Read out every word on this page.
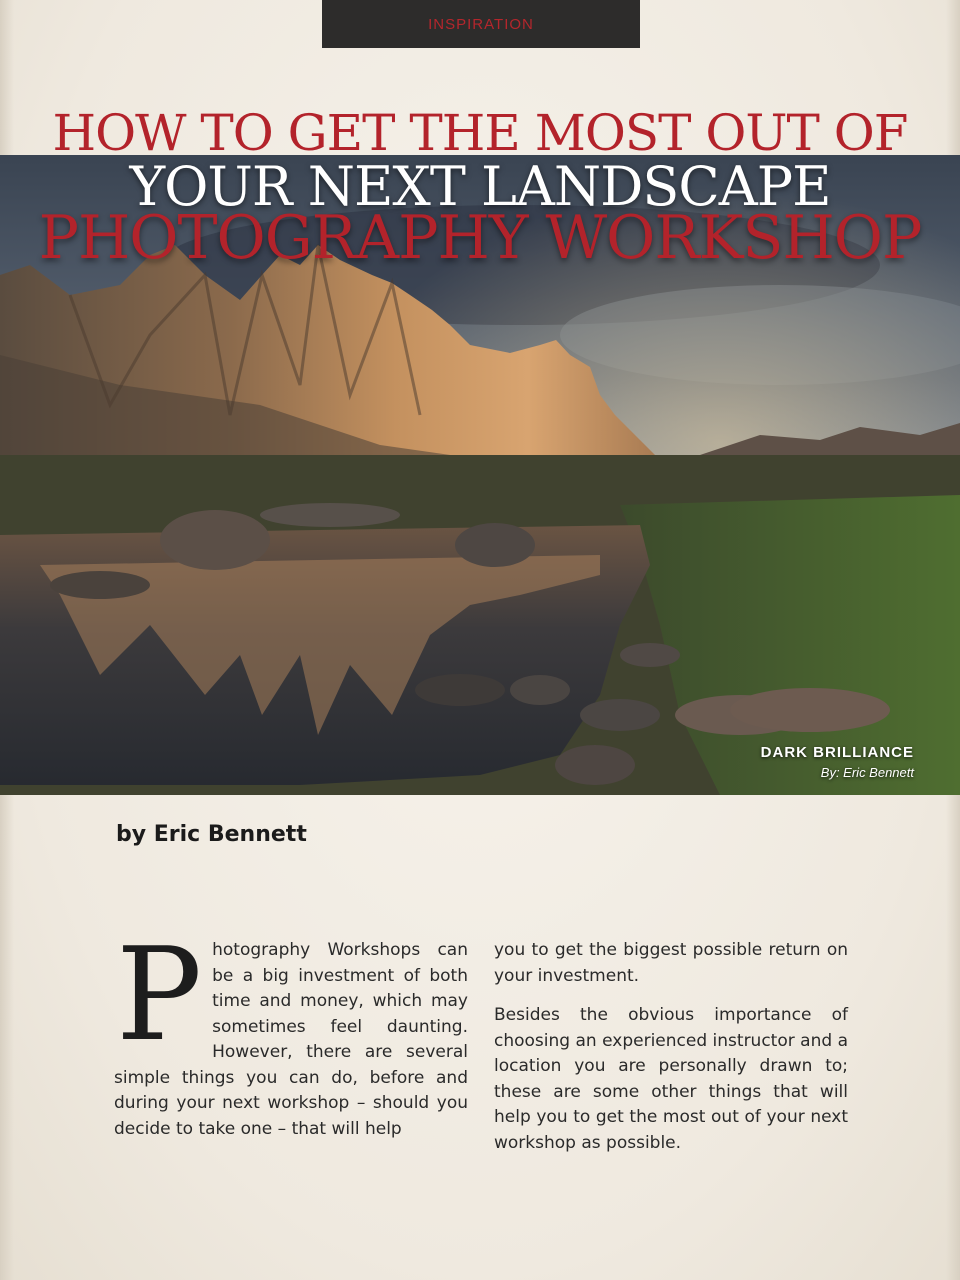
INSPIRATION
HOW TO GET THE MOST OUT OF
YOUR NEXT LANDSCAPE
PHOTOGRAPHY WORKSHOP
DARK BRILLIANCE
By: Eric Bennett
by Eric Bennett

P hotography Workshops can be a big investment of both time and money, which may sometimes feel daunting. However, there are several simple things you can do, before and during your next workshop – should you decide to take one – that will help

you to get the biggest possible return on your investment.

Besides the obvious importance of choosing an experienced instructor and a location you are personally drawn to; these are some other things that will help you to get the most out of your next workshop as possible.
